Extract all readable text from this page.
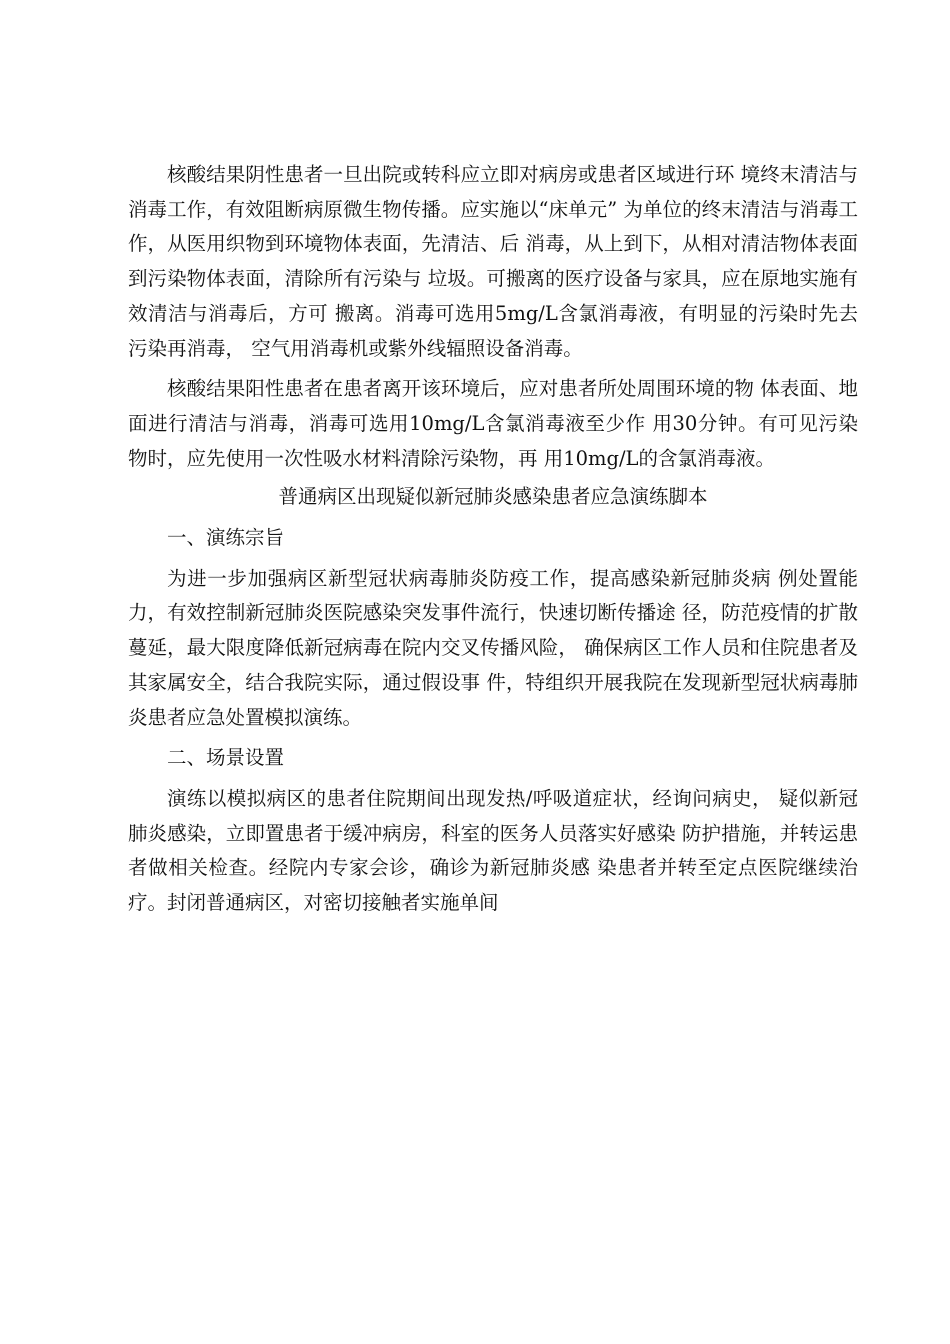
核酸结果阴性患者一旦出院或转科应立即对病房或患者区域进行环 境终末清洁与消毒工作，有效阻断病原微生物传播。应实施以“床单元” 为单位的终末清洁与消毒工作，从医用织物到环境物体表面，先清洁、后 消毒，从上到下，从相对清洁物体表面到污染物体表面，清除所有污染与 垃圾。可搬离的医疗设备与家具，应在原地实施有效清洁与消毒后，方可 搬离。消毒可选用5mg/L含氯消毒液，有明显的污染时先去污染再消毒， 空气用消毒机或紫外线辐照设备消毒。

核酸结果阳性患者在患者离开该环境后，应对患者所处周围环境的物 体表面、地面进行清洁与消毒，消毒可选用10mg/L含氯消毒液至少作 用30分钟。有可见污染物时，应先使用一次性吸水材料清除污染物，再 用10mg/L的含氯消毒液。

普通病区出现疑似新冠肺炎感染患者应急演练脚本

一、演练宗旨

为进一步加强病区新型冠状病毒肺炎防疫工作，提高感染新冠肺炎病 例处置能力，有效控制新冠肺炎医院感染突发事件流行，快速切断传播途 径，防范疫情的扩散蔓延，最大限度降低新冠病毒在院内交叉传播风险， 确保病区工作人员和住院患者及其家属安全，结合我院实际，通过假设事 件，特组织开展我院在发现新型冠状病毒肺炎患者应急处置模拟演练。

二、场景设置

演练以模拟病区的患者住院期间出现发热/呼吸道症状，经询问病史， 疑似新冠肺炎感染，立即置患者于缓冲病房，科室的医务人员落实好感染 防护措施，并转运患者做相关检查。经院内专家会诊，确诊为新冠肺炎感 染患者并转至定点医院继续治疗。封闭普通病区，对密切接触者实施单间
